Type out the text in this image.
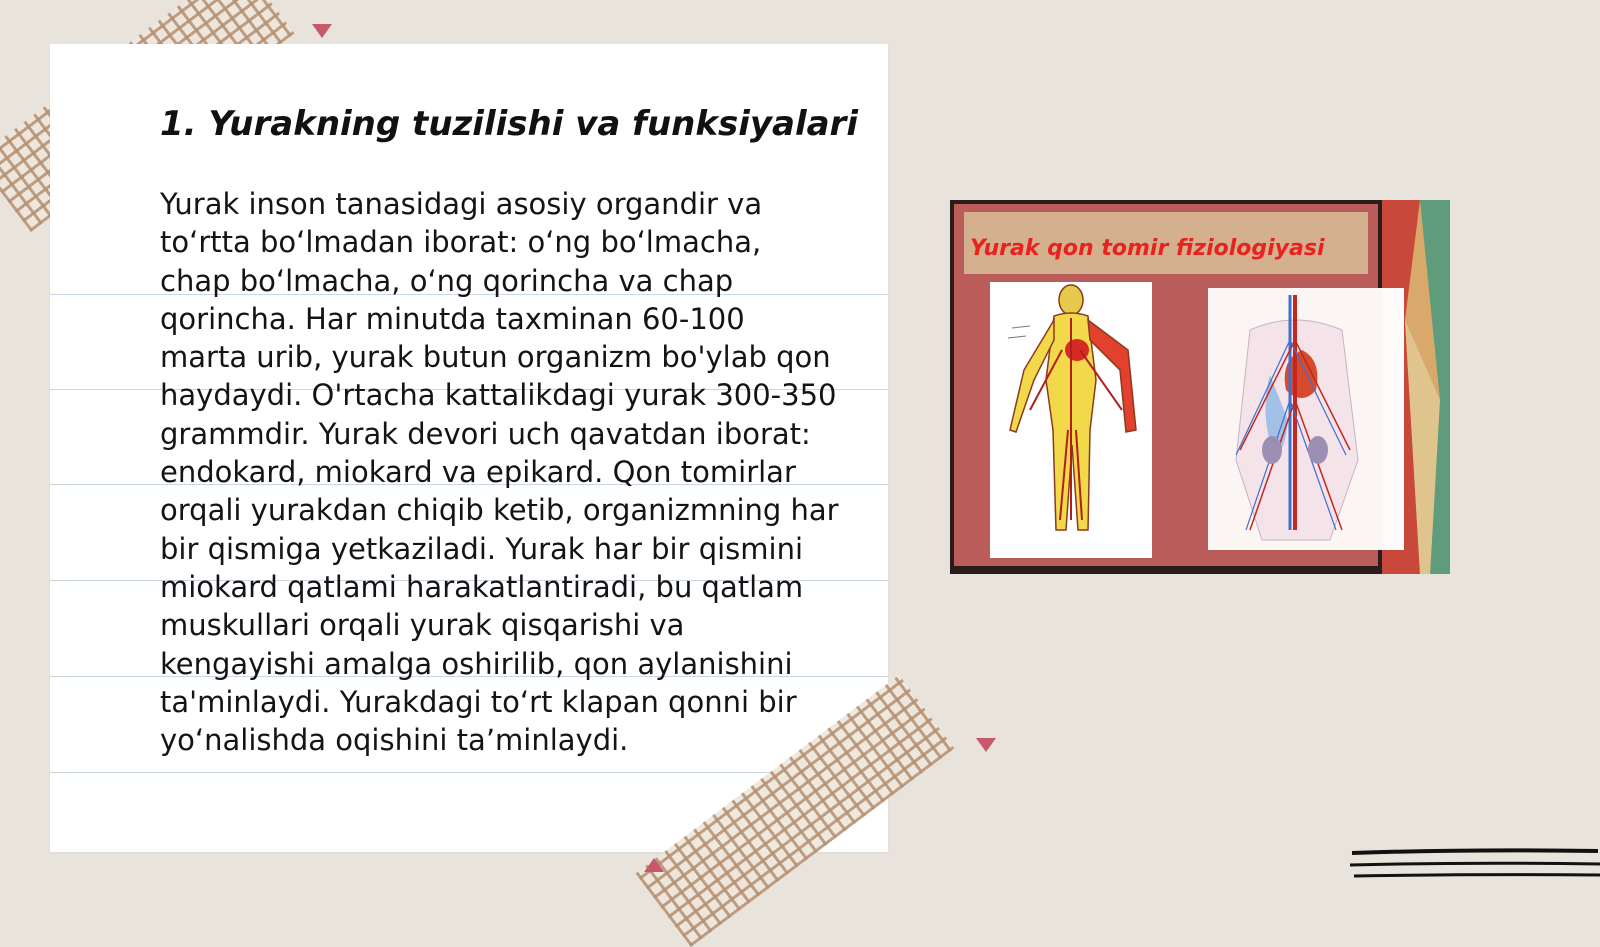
1. Yurakning tuzilishi va funksiyalari

Yurak inson tanasidagi asosiy organdir va to‘rtta bo‘lmadan iborat: o‘ng bo‘lmacha, chap bo‘lmacha, o‘ng qorincha va chap qorincha. Har minutda taxminan 60-100 marta urib, yurak butun organizm bo'ylab qon haydaydi. O'rtacha kattalikdagi yurak 300-350 grammdir. Yurak devori uch qavatdan iborat: endokard, miokard va epikard. Qon tomirlar orqali yurakdan chiqib ketib, organizmning har bir qismiga yetkaziladi. Yurak har bir qismini miokard qatlami harakatlantiradi, bu qatlam muskullari orqali yurak qisqarishi va kengayishi amalga oshirilib, qon aylanishini ta'minlaydi. Yurakdagi to‘rt klapan qonni bir yo‘nalishda oqishini ta’minlaydi.

Yurak qon tomir fiziologiyasi
